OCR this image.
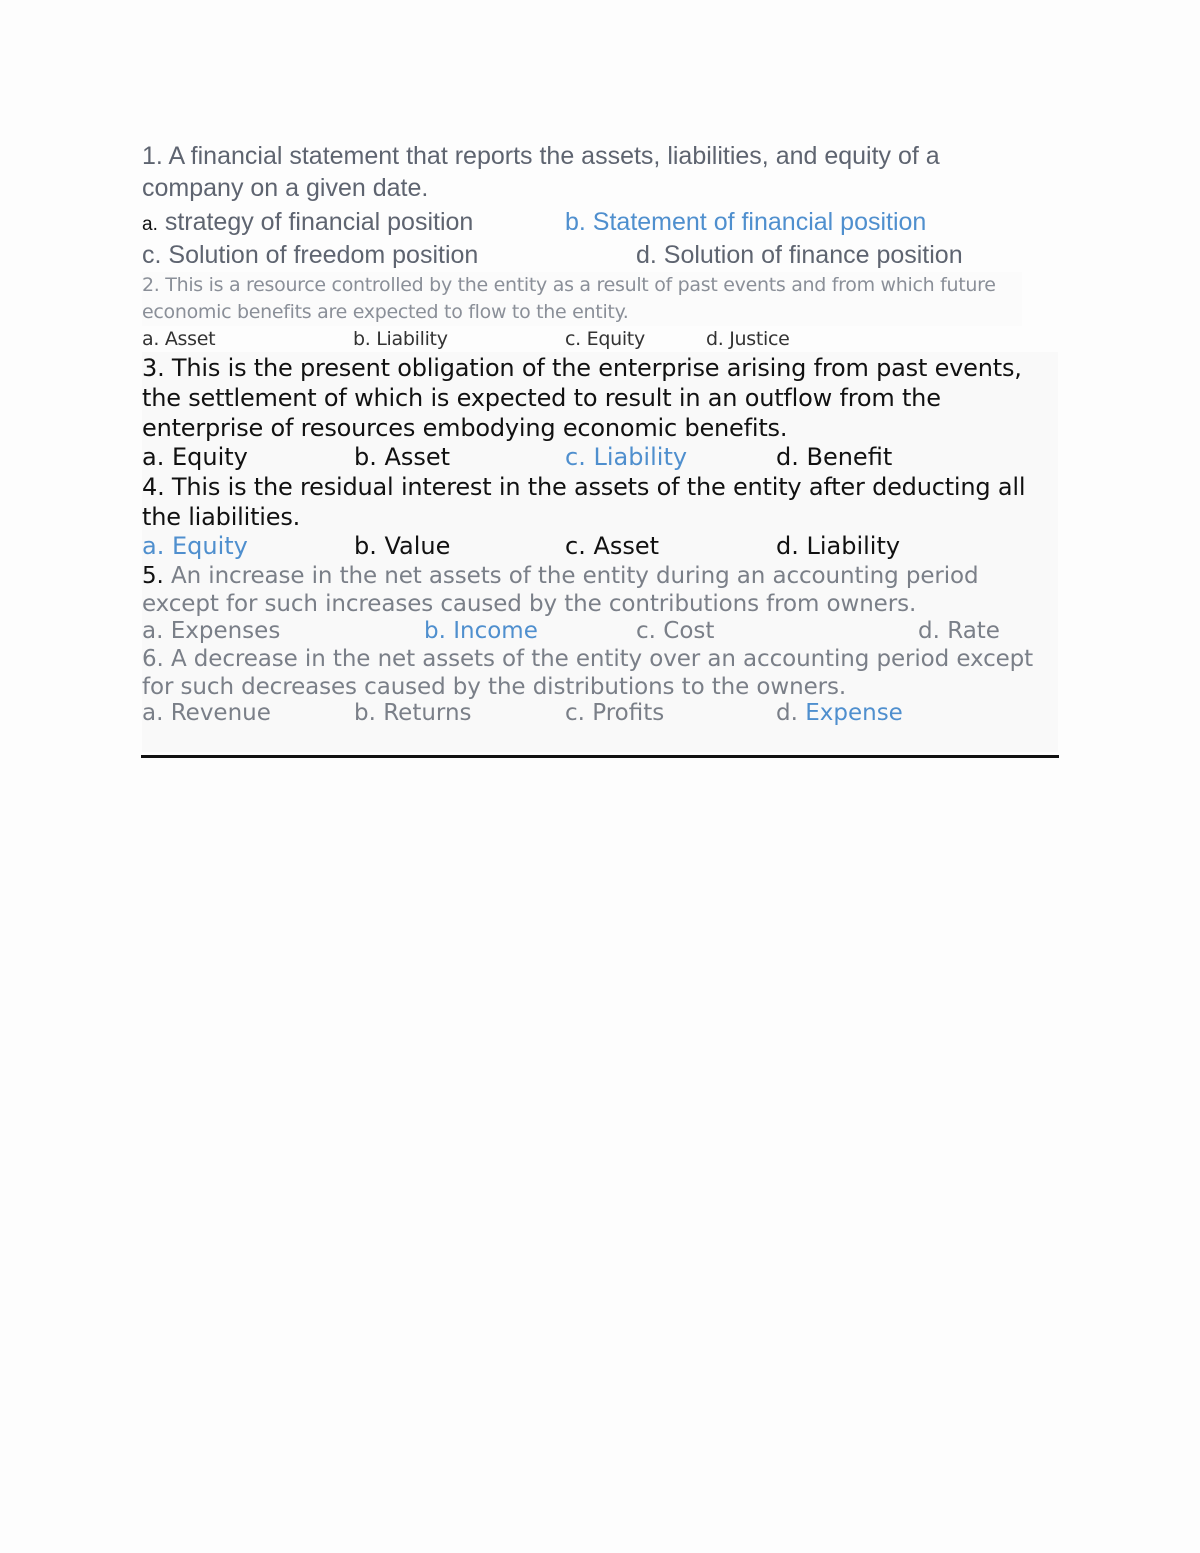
1. A financial statement that reports the assets, liabilities, and equity of a company on a given date.
a. strategy of financial position	b. Statement of financial position
c. Solution of freedom position	d. Solution of finance position
2. This is a resource controlled by the entity as a result of past events and from which future economic benefits are expected to flow to the entity.
a. Asset	b. Liability	c. Equity	d. Justice
3. This is the present obligation of the enterprise arising from past events, the settlement of which is expected to result in an outflow from the enterprise of resources embodying economic benefits.
a. Equity	b. Asset	c. Liability	d. Benefit
4. This is the residual interest in the assets of the entity after deducting all the liabilities.
a. Equity	b. Value	c. Asset	d. Liability
5. An increase in the net assets of the entity during an accounting period except for such increases caused by the contributions from owners.
a. Expenses	b. Income	c. Cost	d. Rate
6. A decrease in the net assets of the entity over an accounting period except for such decreases caused by the distributions to the owners.
a. Revenue	b. Returns	c. Profits	d. Expense
